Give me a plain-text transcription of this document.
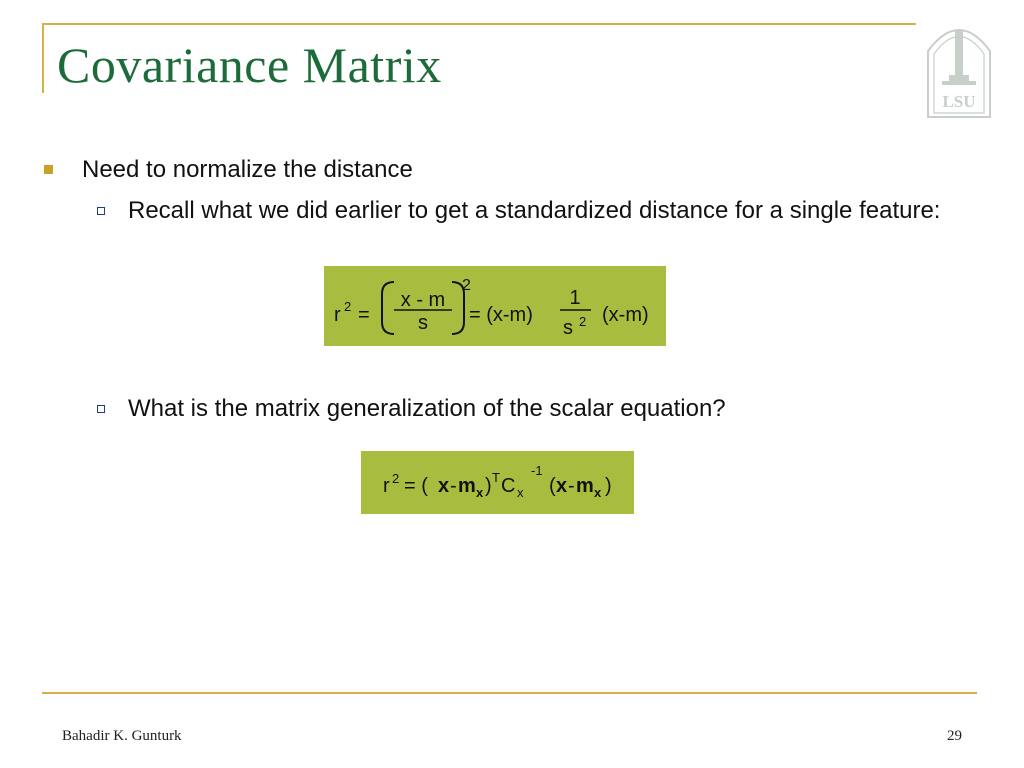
Covariance Matrix
LSU
Need to normalize the distance
Recall what we did earlier to get a standardized distance for a single feature:
r 2 =
x - m
s
2
= (x-m)
1
s 2 (x-m)
What is the matrix generalization of the scalar equation?
r 2 = ( x - m x ) T C x
-1
( x - m x )
Bahadir K. Gunturk	29
